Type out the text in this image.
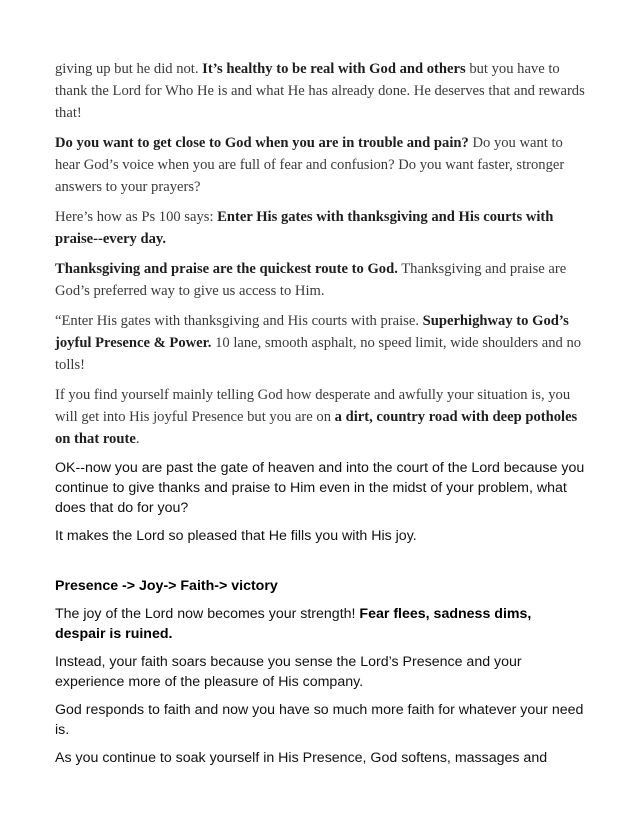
giving up but he did not. It’s healthy to be real with God and others but you have to thank the Lord for Who He is and what He has already done. He deserves that and rewards that!

Do you want to get close to God when you are in trouble and pain? Do you want to hear God’s voice when you are full of fear and confusion? Do you want faster, stronger answers to your prayers?

Here’s how as Ps 100 says: Enter His gates with thanksgiving and His courts with praise--every day.

Thanksgiving and praise are the quickest route to God. Thanksgiving and praise are God’s preferred way to give us access to Him.

“Enter His gates with thanksgiving and His courts with praise. Superhighway to God’s joyful Presence & Power. 10 lane, smooth asphalt, no speed limit, wide shoulders and no tolls!

If you find yourself mainly telling God how desperate and awfully your situation is, you will get into His joyful Presence but you are on a dirt, country road with deep potholes on that route.

OK--now you are past the gate of heaven and into the court of the Lord because you continue to give thanks and praise to Him even in the midst of your problem, what does that do for you?

It makes the Lord so pleased that He fills you with His joy.

Presence -> Joy-> Faith-> victory

The joy of the Lord now becomes your strength! Fear flees, sadness dims, despair is ruined.

Instead, your faith soars because you sense the Lord’s Presence and your experience more of the pleasure of His company.

God responds to faith and now you have so much more faith for whatever your need is.

As you continue to soak yourself in His Presence, God softens, massages and
